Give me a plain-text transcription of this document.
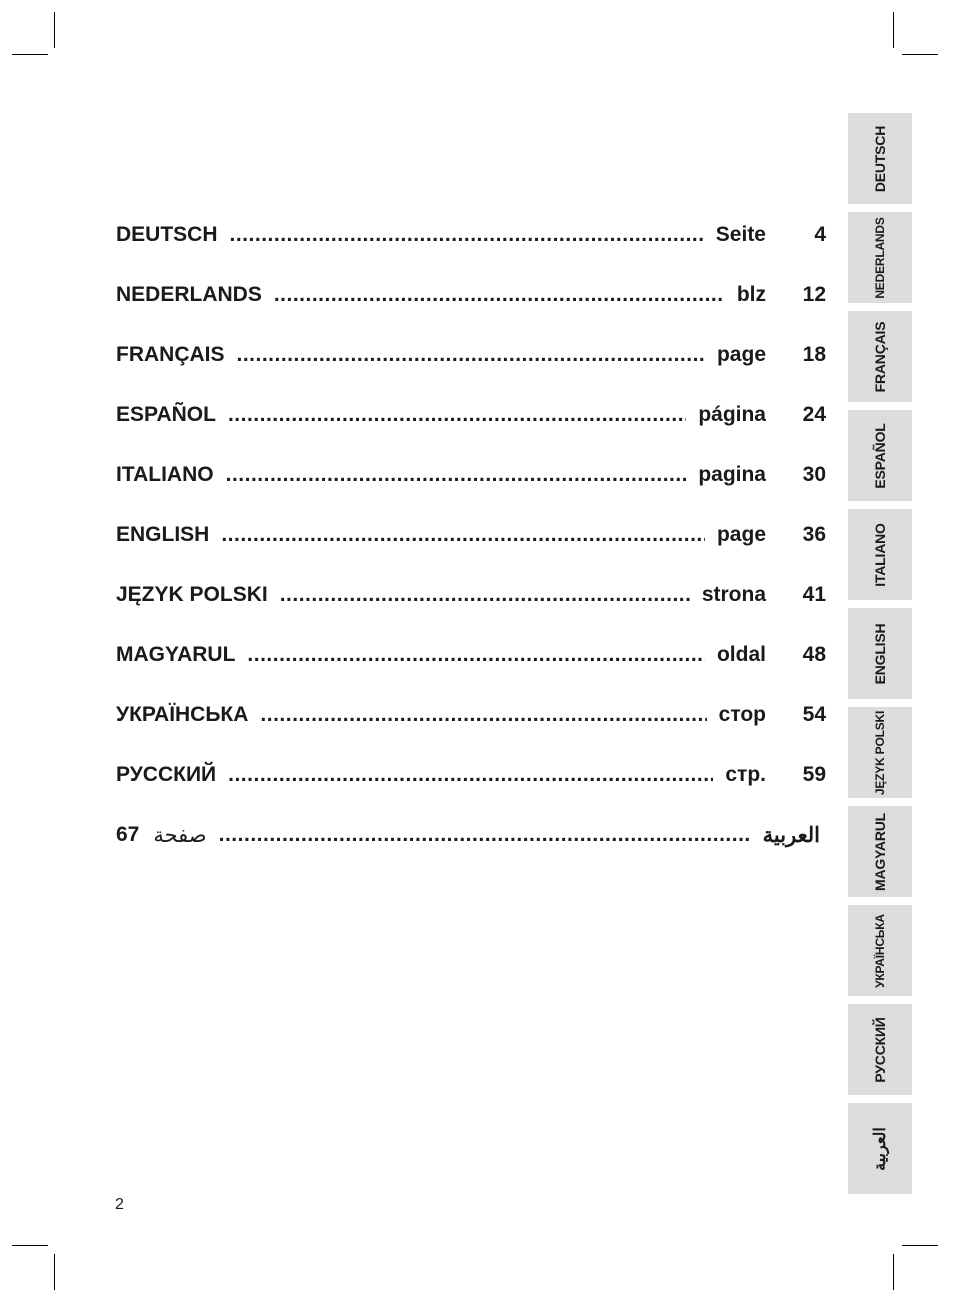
DEUTSCH .....	Seite	4
NEDERLANDS .....	blz	12
FRANÇAIS .....	page	18
ESPAÑOL .....	página	24
ITALIANO .....	pagina	30
ENGLISH .....	page	36
JĘZYK POLSKI .....	strona	41
MAGYARUL .....	oldal	48
УКРАЇНСЬКА .....	стор	54
РУССКИЙ .....	стр.	59
67 صفحة .....	العربية
DEUTSCH
NEDERLANDS
FRANÇAIS
ESPAÑOL
ITALIANO
ENGLISH
JĘZYK POLSKI
MAGYARUL
УКРАЇНСЬКА
РУССКИЙ
العربية
2
